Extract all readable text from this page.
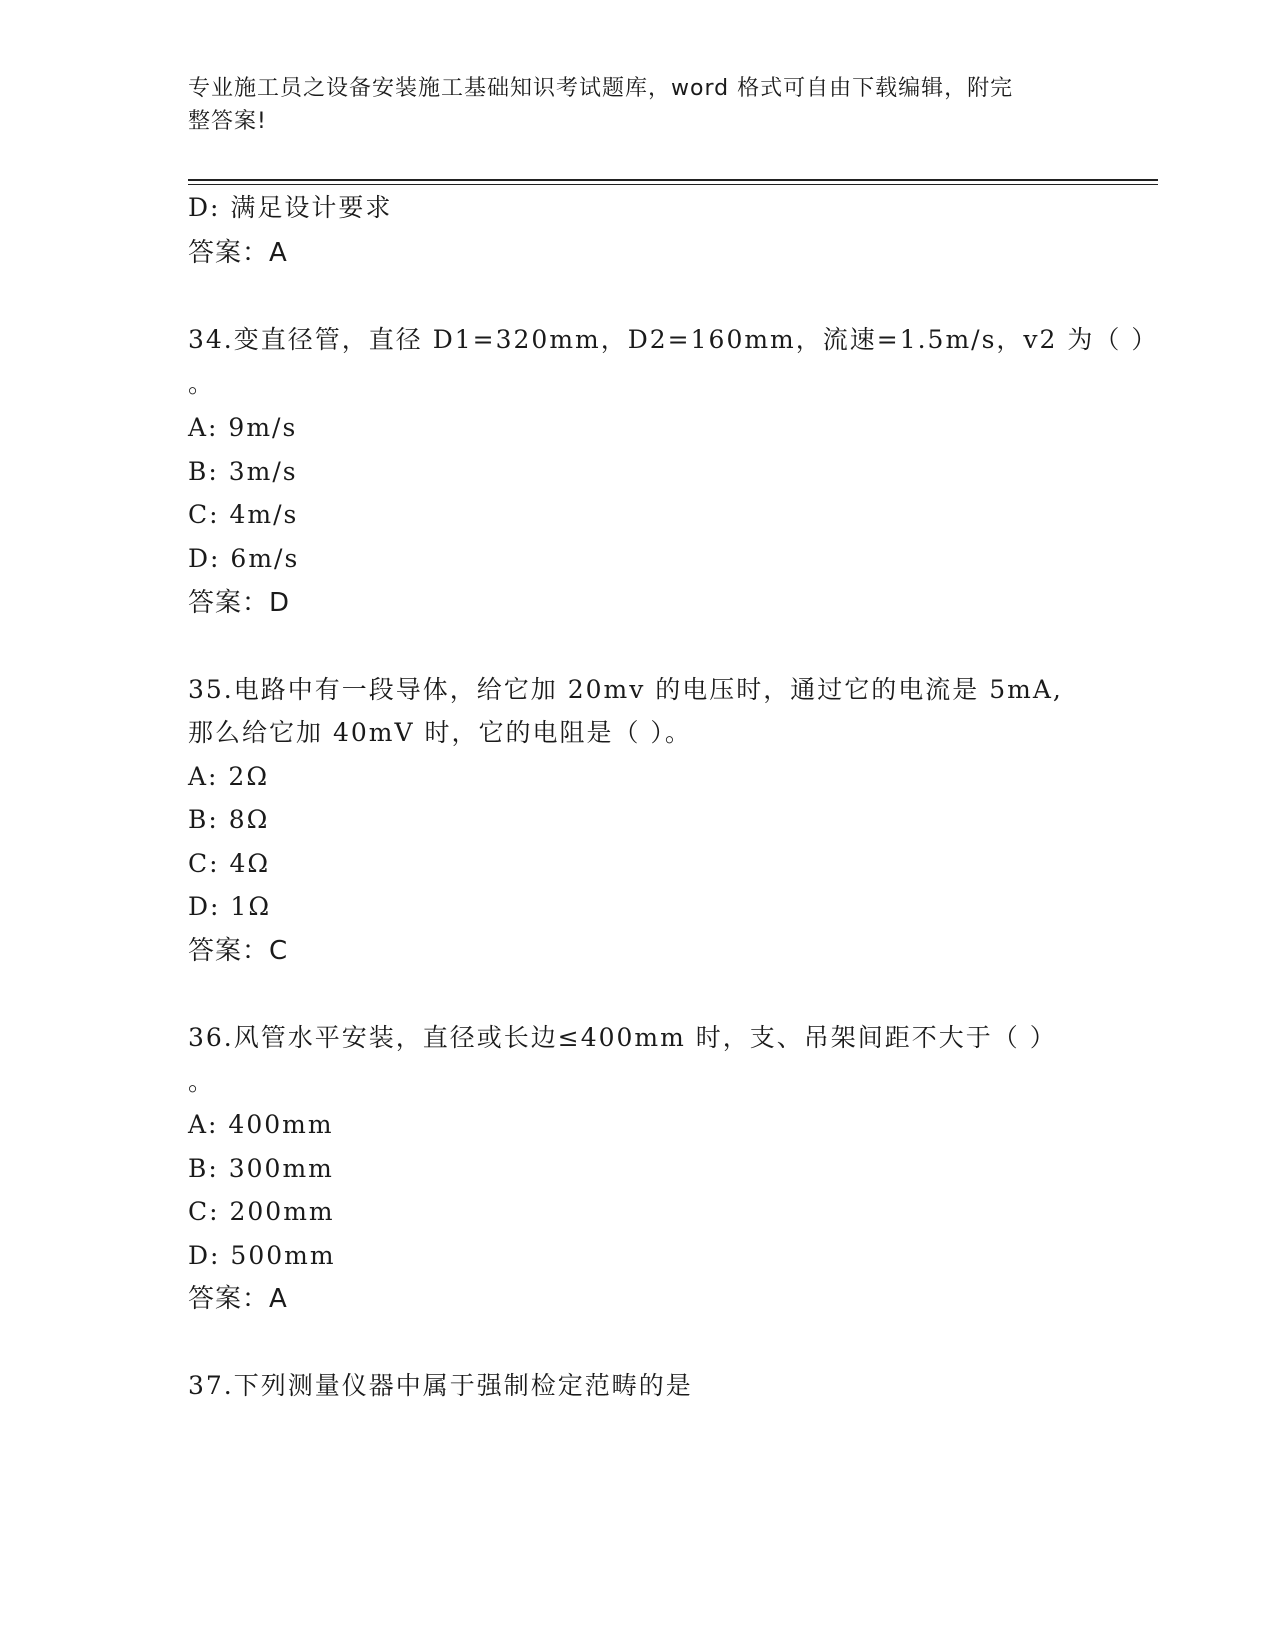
专业施工员之设备安装施工基础知识考试题库，word 格式可自由下载编辑，附完
整答案!
D: 满足设计要求
答案：A
34.变直径管，直径 D1=320mm，D2=160mm，流速=1.5m/s，v2 为（ ）
。
A: 9m/s
B: 3m/s
C: 4m/s
D: 6m/s
答案：D
35.电路中有一段导体，给它加 20mv 的电压时，通过它的电流是 5mA,
那么给它加 40mV 时，它的电阻是（ ）。
A: 2Ω
B: 8Ω
C: 4Ω
D: 1Ω
答案：C
36.风管水平安装，直径或长边≤400mm 时，支、吊架间距不大于（ ）
。
A: 400mm
B: 300mm
C: 200mm
D: 500mm
答案：A
37.下列测量仪器中属于强制检定范畴的是
